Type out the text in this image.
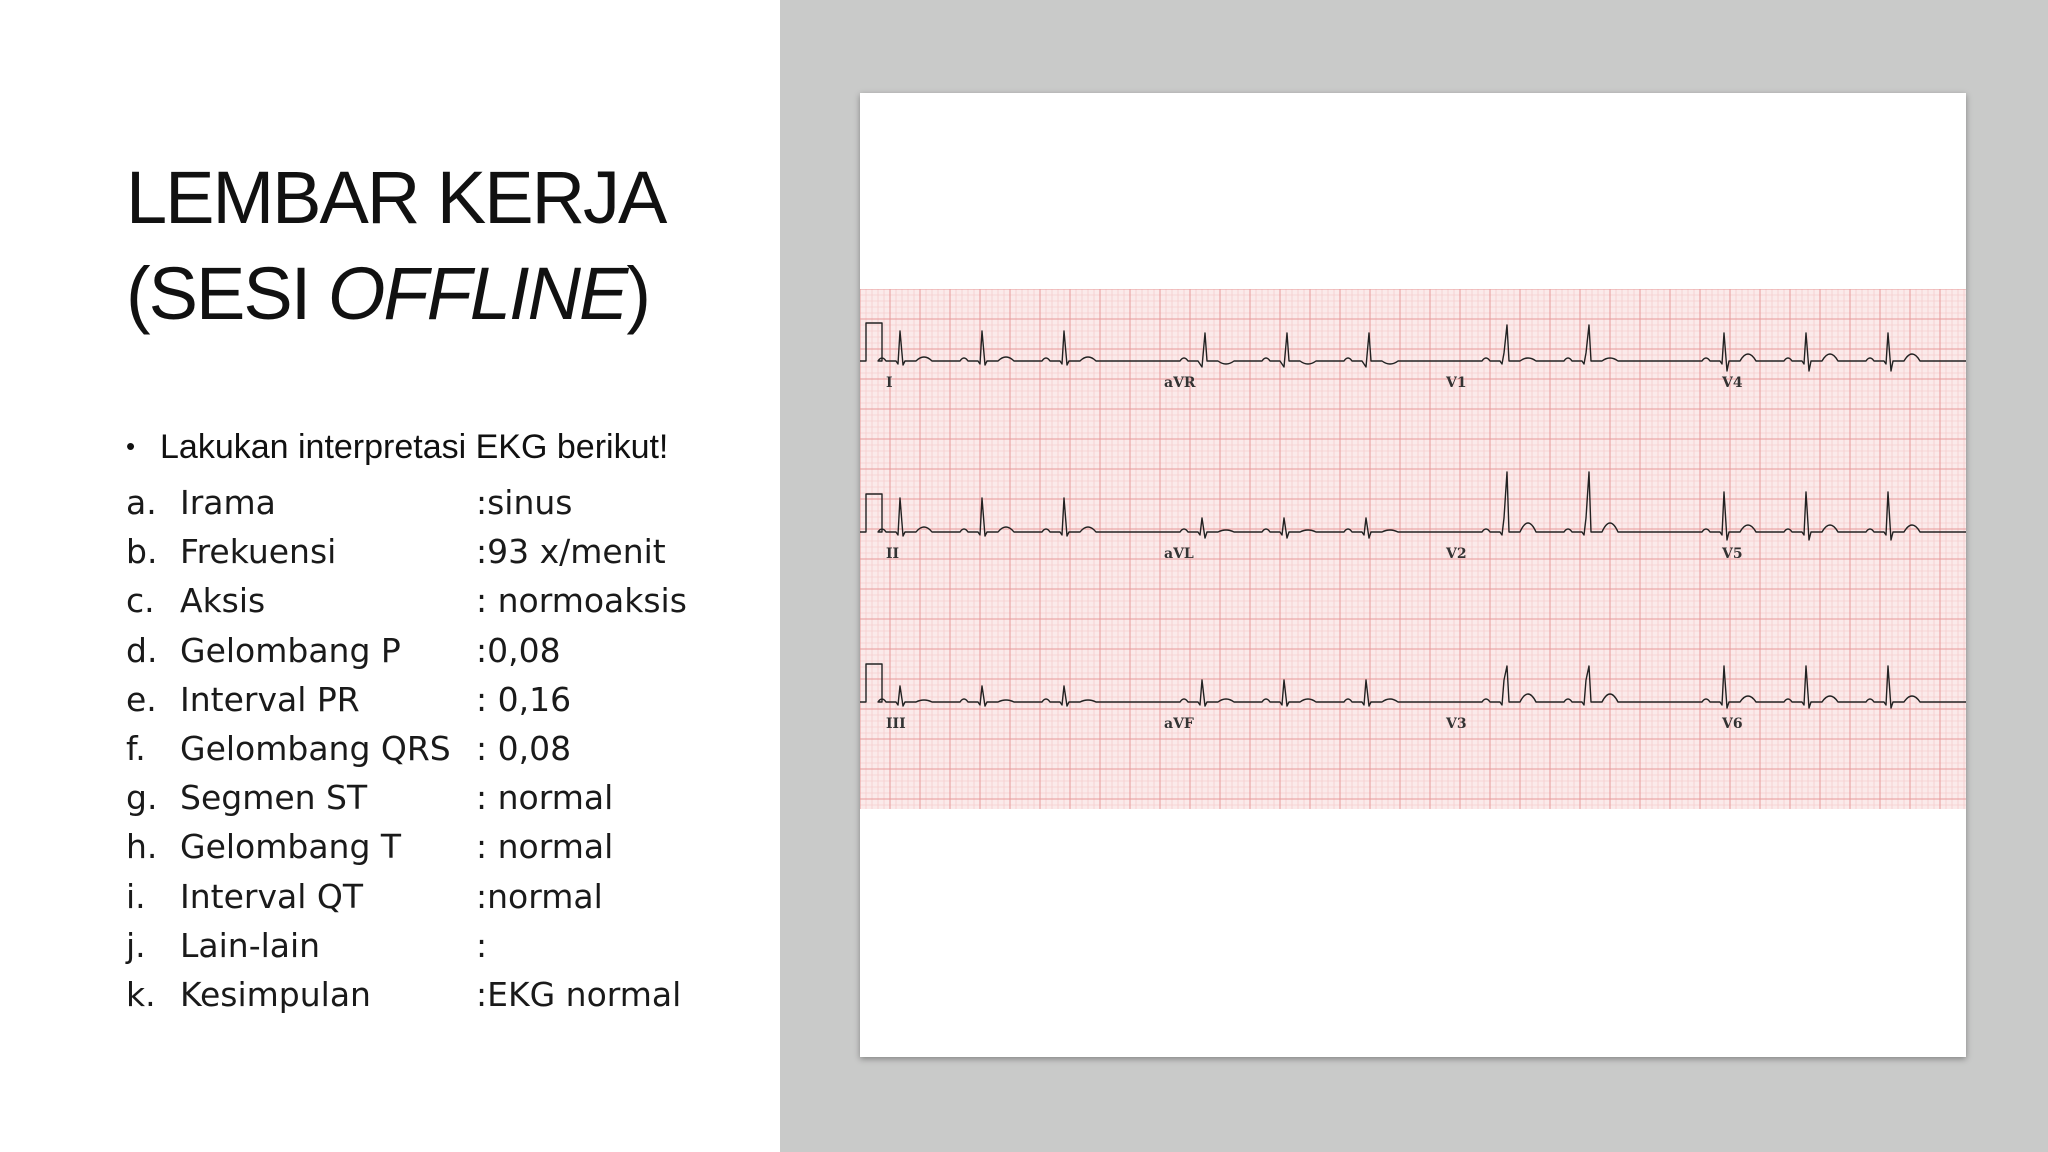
LEMBAR KERJA
(SESI OFFLINE)
• Lakukan interpretasi EKG berikut!
a. Irama	:sinus
b. Frekuensi	:93 x/menit
c. Aksis	: normoaksis
d. Gelombang P :0,08
e. Interval PR	: 0,16
f.	Gelombang QRS : 0,08
g. Segmen ST	: normal
h. Gelombang T : normal
i.	Interval QT	:normal
j.	Lain-lain	:
k. Kesimpulan	:EKG normal
I	aVR	V1	V4
II	aVL	V2	V5
III	aVF	V3	V6
